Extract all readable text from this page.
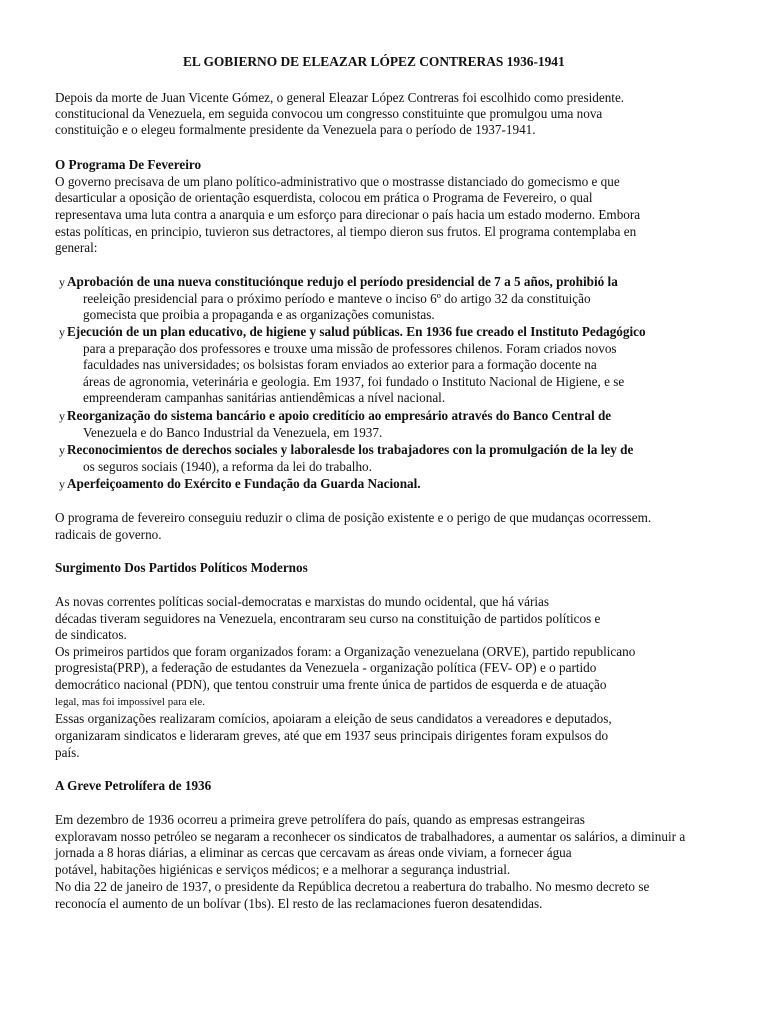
EL GOBIERNO DE ELEAZAR LÓPEZ CONTRERAS 1936-1941
Depois da morte de Juan Vicente Gómez, o general Eleazar López Contreras foi escolhido como presidente.
constitucional da Venezuela, em seguida convocou um congresso constituinte que promulgou uma nova
constituição e o elegeu formalmente presidente da Venezuela para o período de 1937-1941.
O Programa De Fevereiro
O governo precisava de um plano político-administrativo que o mostrasse distanciado do gomecismo e que
desarticular a oposição de orientação esquerdista, colocou em prática o Programa de Fevereiro, o qual
representava uma luta contra a anarquia e um esforço para direcionar o país hacia um estado moderno. Embora
estas políticas, en principio, tuvieron sus detractores, al tiempo dieron sus frutos. El programa contemplaba en
general:
y Aprobación de una nueva constituciónque redujo el período presidencial de 7 a 5 años, prohibió la
reeleição presidencial para o próximo período e manteve o inciso 6º do artigo 32 da constituição
gomecista que proibia a propaganda e as organizações comunistas.
y Ejecución de un plan educativo, de higiene y salud públicas. En 1936 fue creado el Instituto Pedagógico
para a preparação dos professores e trouxe uma missão de professores chilenos. Foram criados novos
faculdades nas universidades; os bolsistas foram enviados ao exterior para a formação docente na
áreas de agronomia, veterinária e geologia. Em 1937, foi fundado o Instituto Nacional de Higiene, e se
empreenderam campanhas sanitárias antiendêmicas a nível nacional.
y Reorganização do sistema bancário e apoio creditício ao empresário através do Banco Central de
Venezuela e do Banco Industrial da Venezuela, em 1937.
y Reconocimientos de derechos sociales y laboralesde los trabajadores con la promulgación de la ley de
os seguros sociais (1940), a reforma da lei do trabalho.
y Aperfeiçoamento do Exército e Fundação da Guarda Nacional.
O programa de fevereiro conseguiu reduzir o clima de posição existente e o perigo de que mudanças ocorressem.
radicais de governo.
Surgimento Dos Partidos Políticos Modernos
As novas correntes políticas social-democratas e marxistas do mundo ocidental, que há várias
décadas tiveram seguidores na Venezuela, encontraram seu curso na constituição de partidos políticos e
de sindicatos.
Os primeiros partidos que foram organizados foram: a Organização venezuelana (ORVE), partido republicano
progresista(PRP), a federação de estudantes da Venezuela - organização política (FEV- OP) e o partido
democrático nacional (PDN), que tentou construir uma frente única de partidos de esquerda e de atuação
legal, mas foi impossível para ele.
Essas organizações realizaram comícios, apoiaram a eleição de seus candidatos a vereadores e deputados,
organizaram sindicatos e lideraram greves, até que em 1937 seus principais dirigentes foram expulsos do
país.
A Greve Petrolífera de 1936
Em dezembro de 1936 ocorreu a primeira greve petrolífera do país, quando as empresas estrangeiras
exploravam nosso petróleo se negaram a reconhecer os sindicatos de trabalhadores, a aumentar os salários, a diminuir a
jornada a 8 horas diárias, a eliminar as cercas que cercavam as áreas onde viviam, a fornecer água
potável, habitações higiénicas e serviços médicos; e a melhorar a segurança industrial.
No dia 22 de janeiro de 1937, o presidente da República decretou a reabertura do trabalho. No mesmo decreto se
reconocía el aumento de un bolívar (1bs). El resto de las reclamaciones fueron desatendidas.
